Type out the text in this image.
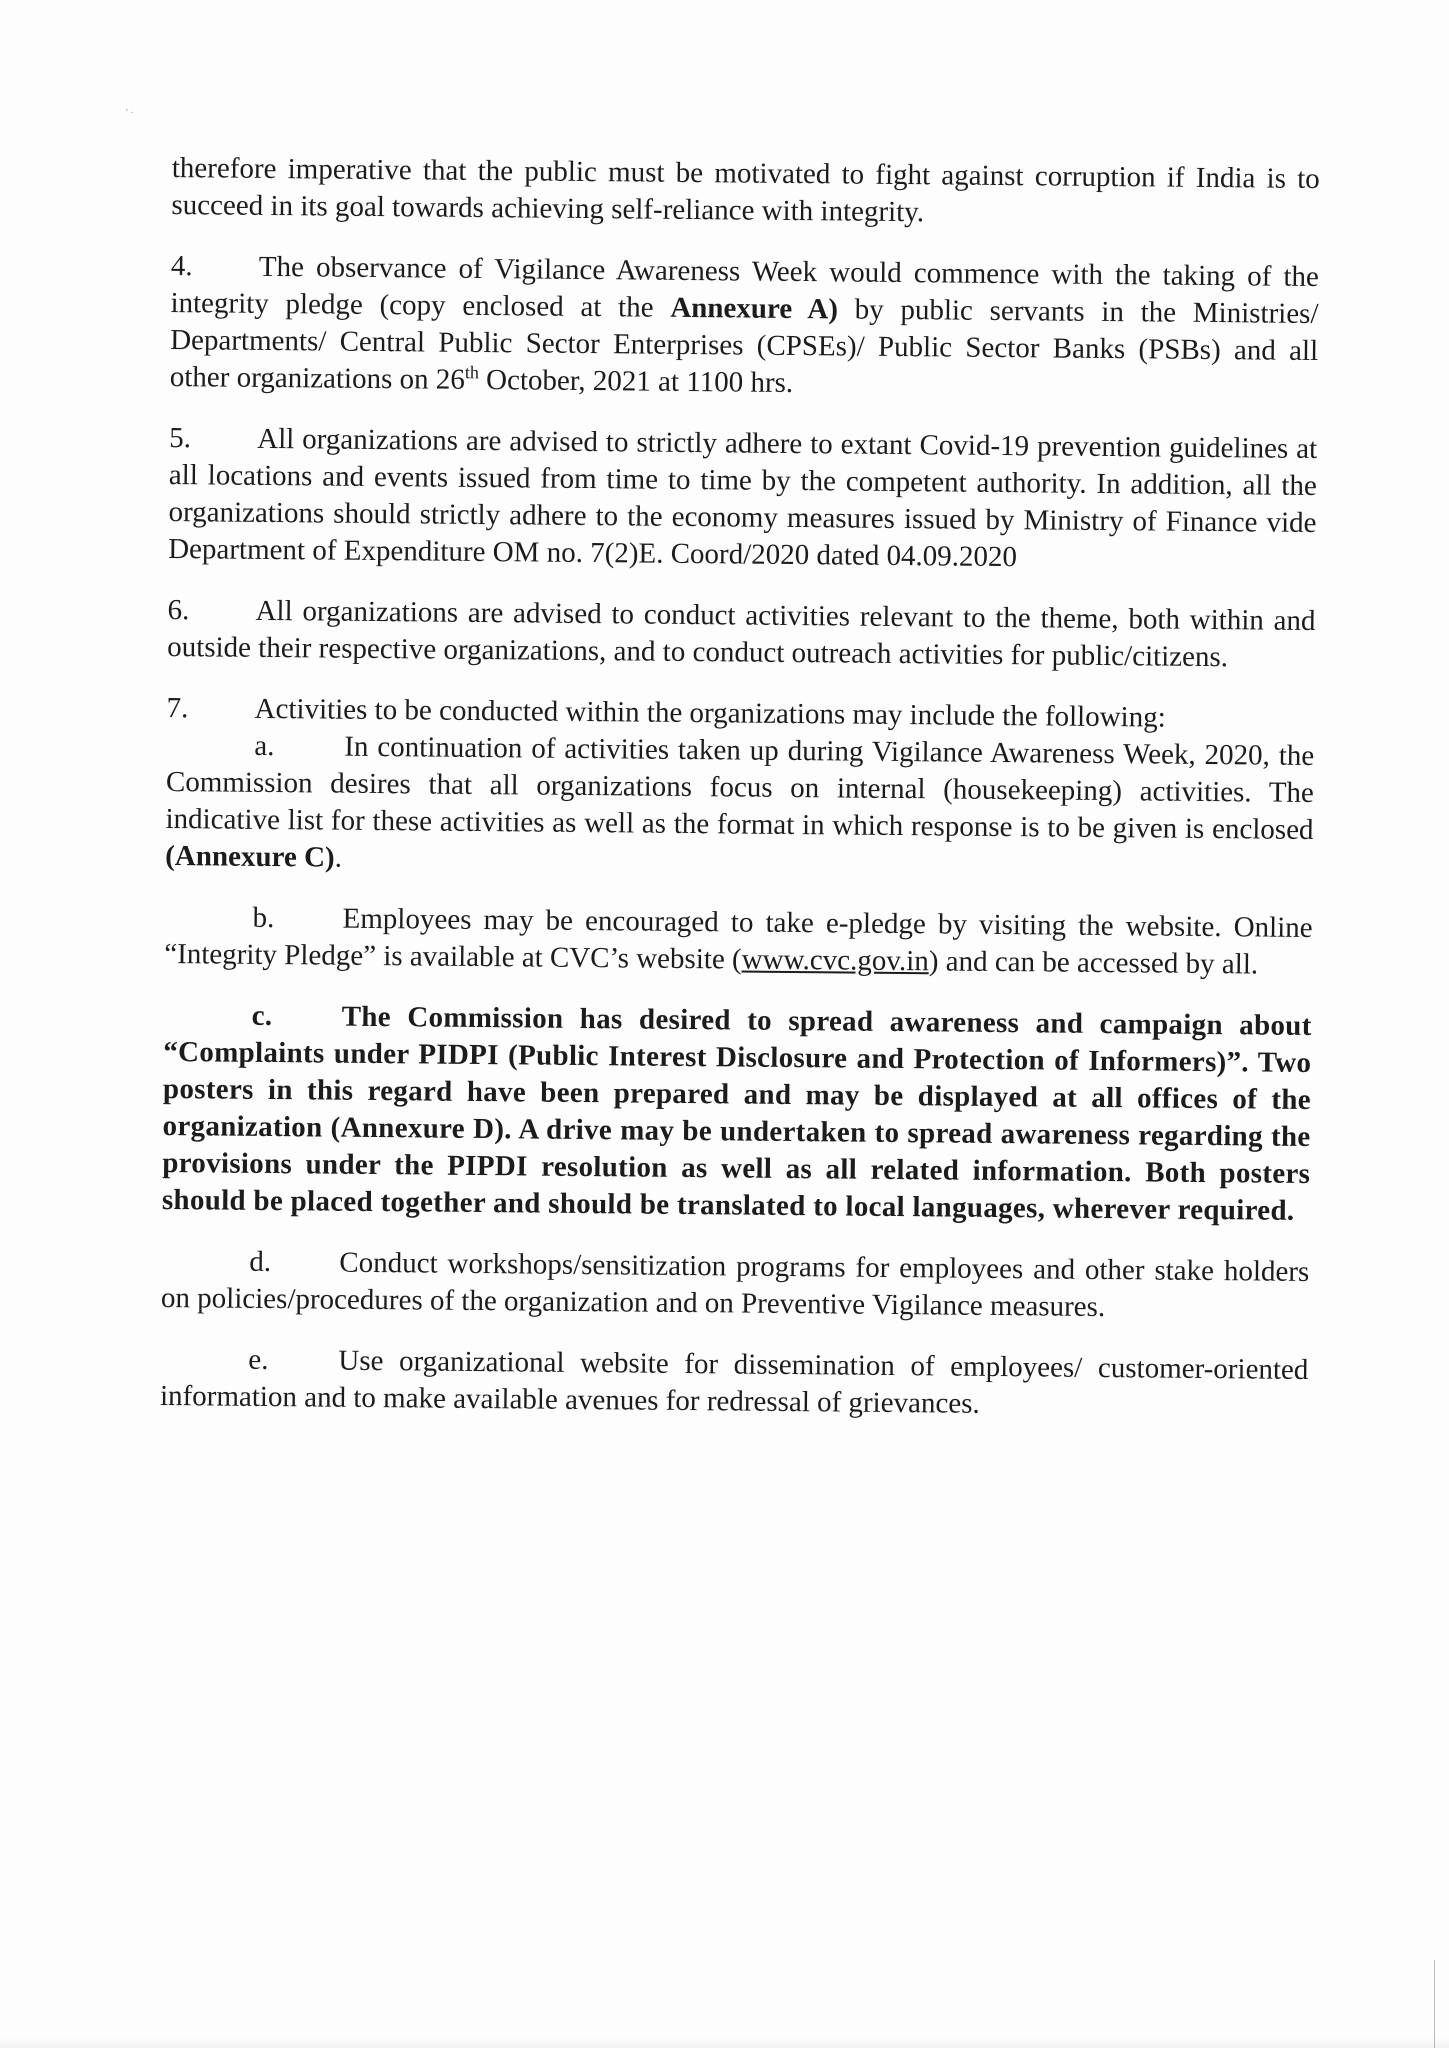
' ·

therefore imperative that the public must be motivated to fight against corruption if India is to succeed in its goal towards achieving self-reliance with integrity.

4. The observance of Vigilance Awareness Week would commence with the taking of the integrity pledge (copy enclosed at the Annexure A) by public servants in the Ministries/ Departments/ Central Public Sector Enterprises (CPSEs)/ Public Sector Banks (PSBs) and all other organizations on 26th October, 2021 at 1100 hrs.

5. All organizations are advised to strictly adhere to extant Covid-19 prevention guidelines at all locations and events issued from time to time by the competent authority. In addition, all the organizations should strictly adhere to the economy measures issued by Ministry of Finance vide Department of Expenditure OM no. 7(2)E. Coord/2020 dated 04.09.2020

6. All organizations are advised to conduct activities relevant to the theme, both within and outside their respective organizations, and to conduct outreach activities for public/citizens.

7. Activities to be conducted within the organizations may include the following:

a. In continuation of activities taken up during Vigilance Awareness Week, 2020, the Commission desires that all organizations focus on internal (housekeeping) activities. The indicative list for these activities as well as the format in which response is to be given is enclosed (Annexure C).

b. Employees may be encouraged to take e-pledge by visiting the website. Online “Integrity Pledge” is available at CVC’s website (www.cvc.gov.in) and can be accessed by all.

c. The Commission has desired to spread awareness and campaign about “Complaints under PIDPI (Public Interest Disclosure and Protection of Informers)”. Two posters in this regard have been prepared and may be displayed at all offices of the organization (Annexure D). A drive may be undertaken to spread awareness regarding the provisions under the PIPDI resolution as well as all related information. Both posters should be placed together and should be translated to local languages, wherever required.

d. Conduct workshops/sensitization programs for employees and other stake holders on policies/procedures of the organization and on Preventive Vigilance measures.

e. Use organizational website for dissemination of employees/ customer-oriented information and to make available avenues for redressal of grievances.
